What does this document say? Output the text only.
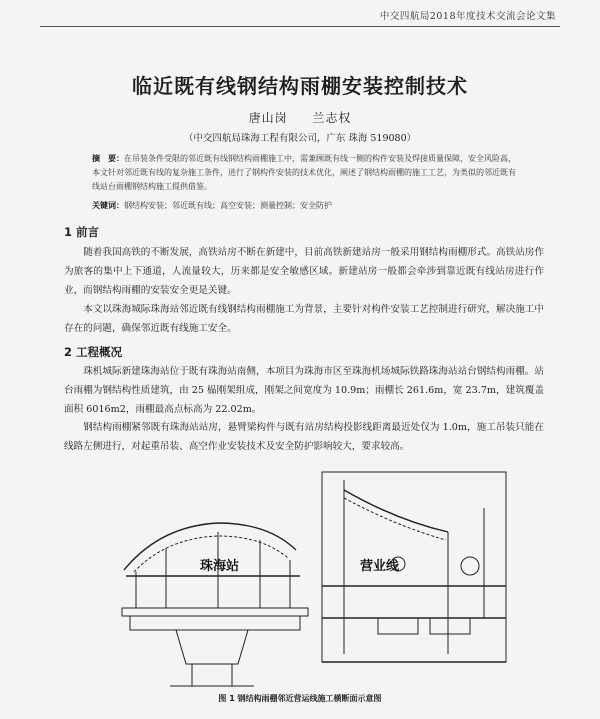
中交四航局2018年度技术交流会论文集
临近既有线钢结构雨棚安装控制技术
唐山岗 兰志权
（中交四航局珠海工程有限公司，广东 珠海 519080）
摘　要：在吊装条件受限的邻近既有线钢结构雨棚施工中，需兼顾既有线一侧的构件安装及焊接质量保障，安全风险高，本文针对邻近既有线的复杂施工条件，进行了钢构件安装的技术优化，阐述了钢结构雨棚的施工工艺，为类似的邻近既有线站台雨棚钢结构施工提供借鉴。
关键词：钢结构安装；邻近既有线；高空安装；测量控制；安全防护
1 前言
随着我国高铁的不断发展，高铁站房不断在新建中，目前高铁新建站房一般采用钢结构雨棚形式。高铁站房作为旅客的集中上下通道，人流量较大，历来都是安全敏感区域。新建站房一般都会牵涉到靠近既有线站房进行作业，而钢结构雨棚的安装安全更是关键。
本文以珠海城际珠海站邻近既有线钢结构雨棚施工为背景，主要针对构件安装工艺控制进行研究，解决施工中存在的问题，确保邻近既有线施工安全。
2 工程概况
珠机城际新建珠海站位于既有珠海站南侧，本项目为珠海市区至珠海机场城际铁路珠海站站台钢结构雨棚。站台雨棚为钢结构性质建筑，由 25 榀刚架组成，刚架之间宽度为 10.9m；雨棚长 261.6m，宽 23.7m，建筑覆盖面积 6016m2，雨棚最高点标高为 22.02m。
钢结构雨棚紧邻既有珠海站站房，悬臂梁构件与既有站房结构投影线距离最近处仅为 1.0m，施工吊装只能在线路左侧进行，对起重吊装、高空作业安装技术及安全防护影响较大，要求较高。
珠海站	营业线
图 1 钢结构雨棚邻近营运线施工横断面示意图
